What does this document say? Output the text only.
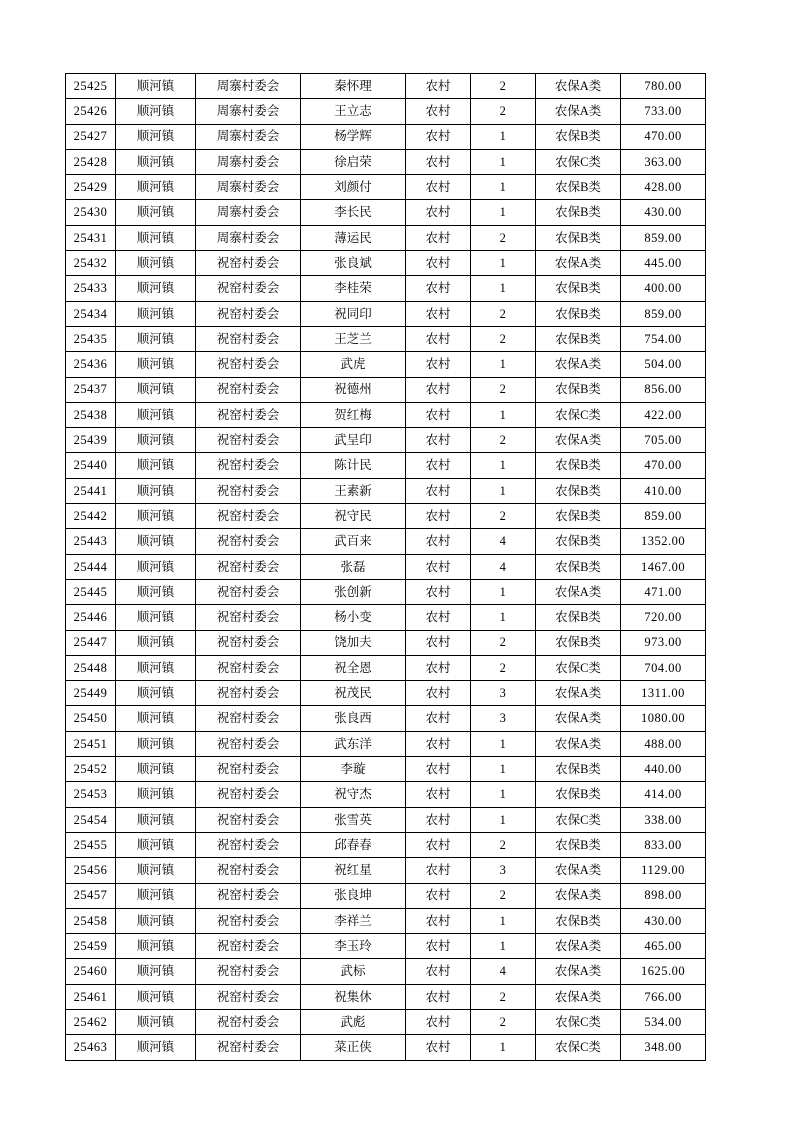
25425	顺河镇	周寨村委会	秦怀理	农村	2	农保A类	780.00
25426	顺河镇	周寨村委会	王立志	农村	2	农保A类	733.00
25427	顺河镇	周寨村委会	杨学辉	农村	1	农保B类	470.00
25428	顺河镇	周寨村委会	徐启荣	农村	1	农保C类	363.00
25429	顺河镇	周寨村委会	刘颜付	农村	1	农保B类	428.00
25430	顺河镇	周寨村委会	李长民	农村	1	农保B类	430.00
25431	顺河镇	周寨村委会	薄运民	农村	2	农保B类	859.00
25432	顺河镇	祝窑村委会	张良斌	农村	1	农保A类	445.00
25433	顺河镇	祝窑村委会	李桂荣	农村	1	农保B类	400.00
25434	顺河镇	祝窑村委会	祝同印	农村	2	农保B类	859.00
25435	顺河镇	祝窑村委会	王芝兰	农村	2	农保B类	754.00
25436	顺河镇	祝窑村委会	武虎	农村	1	农保A类	504.00
25437	顺河镇	祝窑村委会	祝德州	农村	2	农保B类	856.00
25438	顺河镇	祝窑村委会	贺红梅	农村	1	农保C类	422.00
25439	顺河镇	祝窑村委会	武呈印	农村	2	农保A类	705.00
25440	顺河镇	祝窑村委会	陈计民	农村	1	农保B类	470.00
25441	顺河镇	祝窑村委会	王素新	农村	1	农保B类	410.00
25442	顺河镇	祝窑村委会	祝守民	农村	2	农保B类	859.00
25443	顺河镇	祝窑村委会	武百来	农村	4	农保B类	1352.00
25444	顺河镇	祝窑村委会	张磊	农村	4	农保B类	1467.00
25445	顺河镇	祝窑村委会	张创新	农村	1	农保A类	471.00
25446	顺河镇	祝窑村委会	杨小变	农村	1	农保B类	720.00
25447	顺河镇	祝窑村委会	饶加夫	农村	2	农保B类	973.00
25448	顺河镇	祝窑村委会	祝全恩	农村	2	农保C类	704.00
25449	顺河镇	祝窑村委会	祝茂民	农村	3	农保A类	1311.00
25450	顺河镇	祝窑村委会	张良西	农村	3	农保A类	1080.00
25451	顺河镇	祝窑村委会	武东洋	农村	1	农保A类	488.00
25452	顺河镇	祝窑村委会	李璇	农村	1	农保B类	440.00
25453	顺河镇	祝窑村委会	祝守杰	农村	1	农保B类	414.00
25454	顺河镇	祝窑村委会	张雪英	农村	1	农保C类	338.00
25455	顺河镇	祝窑村委会	邱春春	农村	2	农保B类	833.00
25456	顺河镇	祝窑村委会	祝红星	农村	3	农保A类	1129.00
25457	顺河镇	祝窑村委会	张良坤	农村	2	农保A类	898.00
25458	顺河镇	祝窑村委会	李祥兰	农村	1	农保B类	430.00
25459	顺河镇	祝窑村委会	李玉玲	农村	1	农保A类	465.00
25460	顺河镇	祝窑村委会	武标	农村	4	农保A类	1625.00
25461	顺河镇	祝窑村委会	祝集休	农村	2	农保A类	766.00
25462	顺河镇	祝窑村委会	武彪	农村	2	农保C类	534.00
25463	顺河镇	祝窑村委会	菜正侠	农村	1	农保C类	348.00
